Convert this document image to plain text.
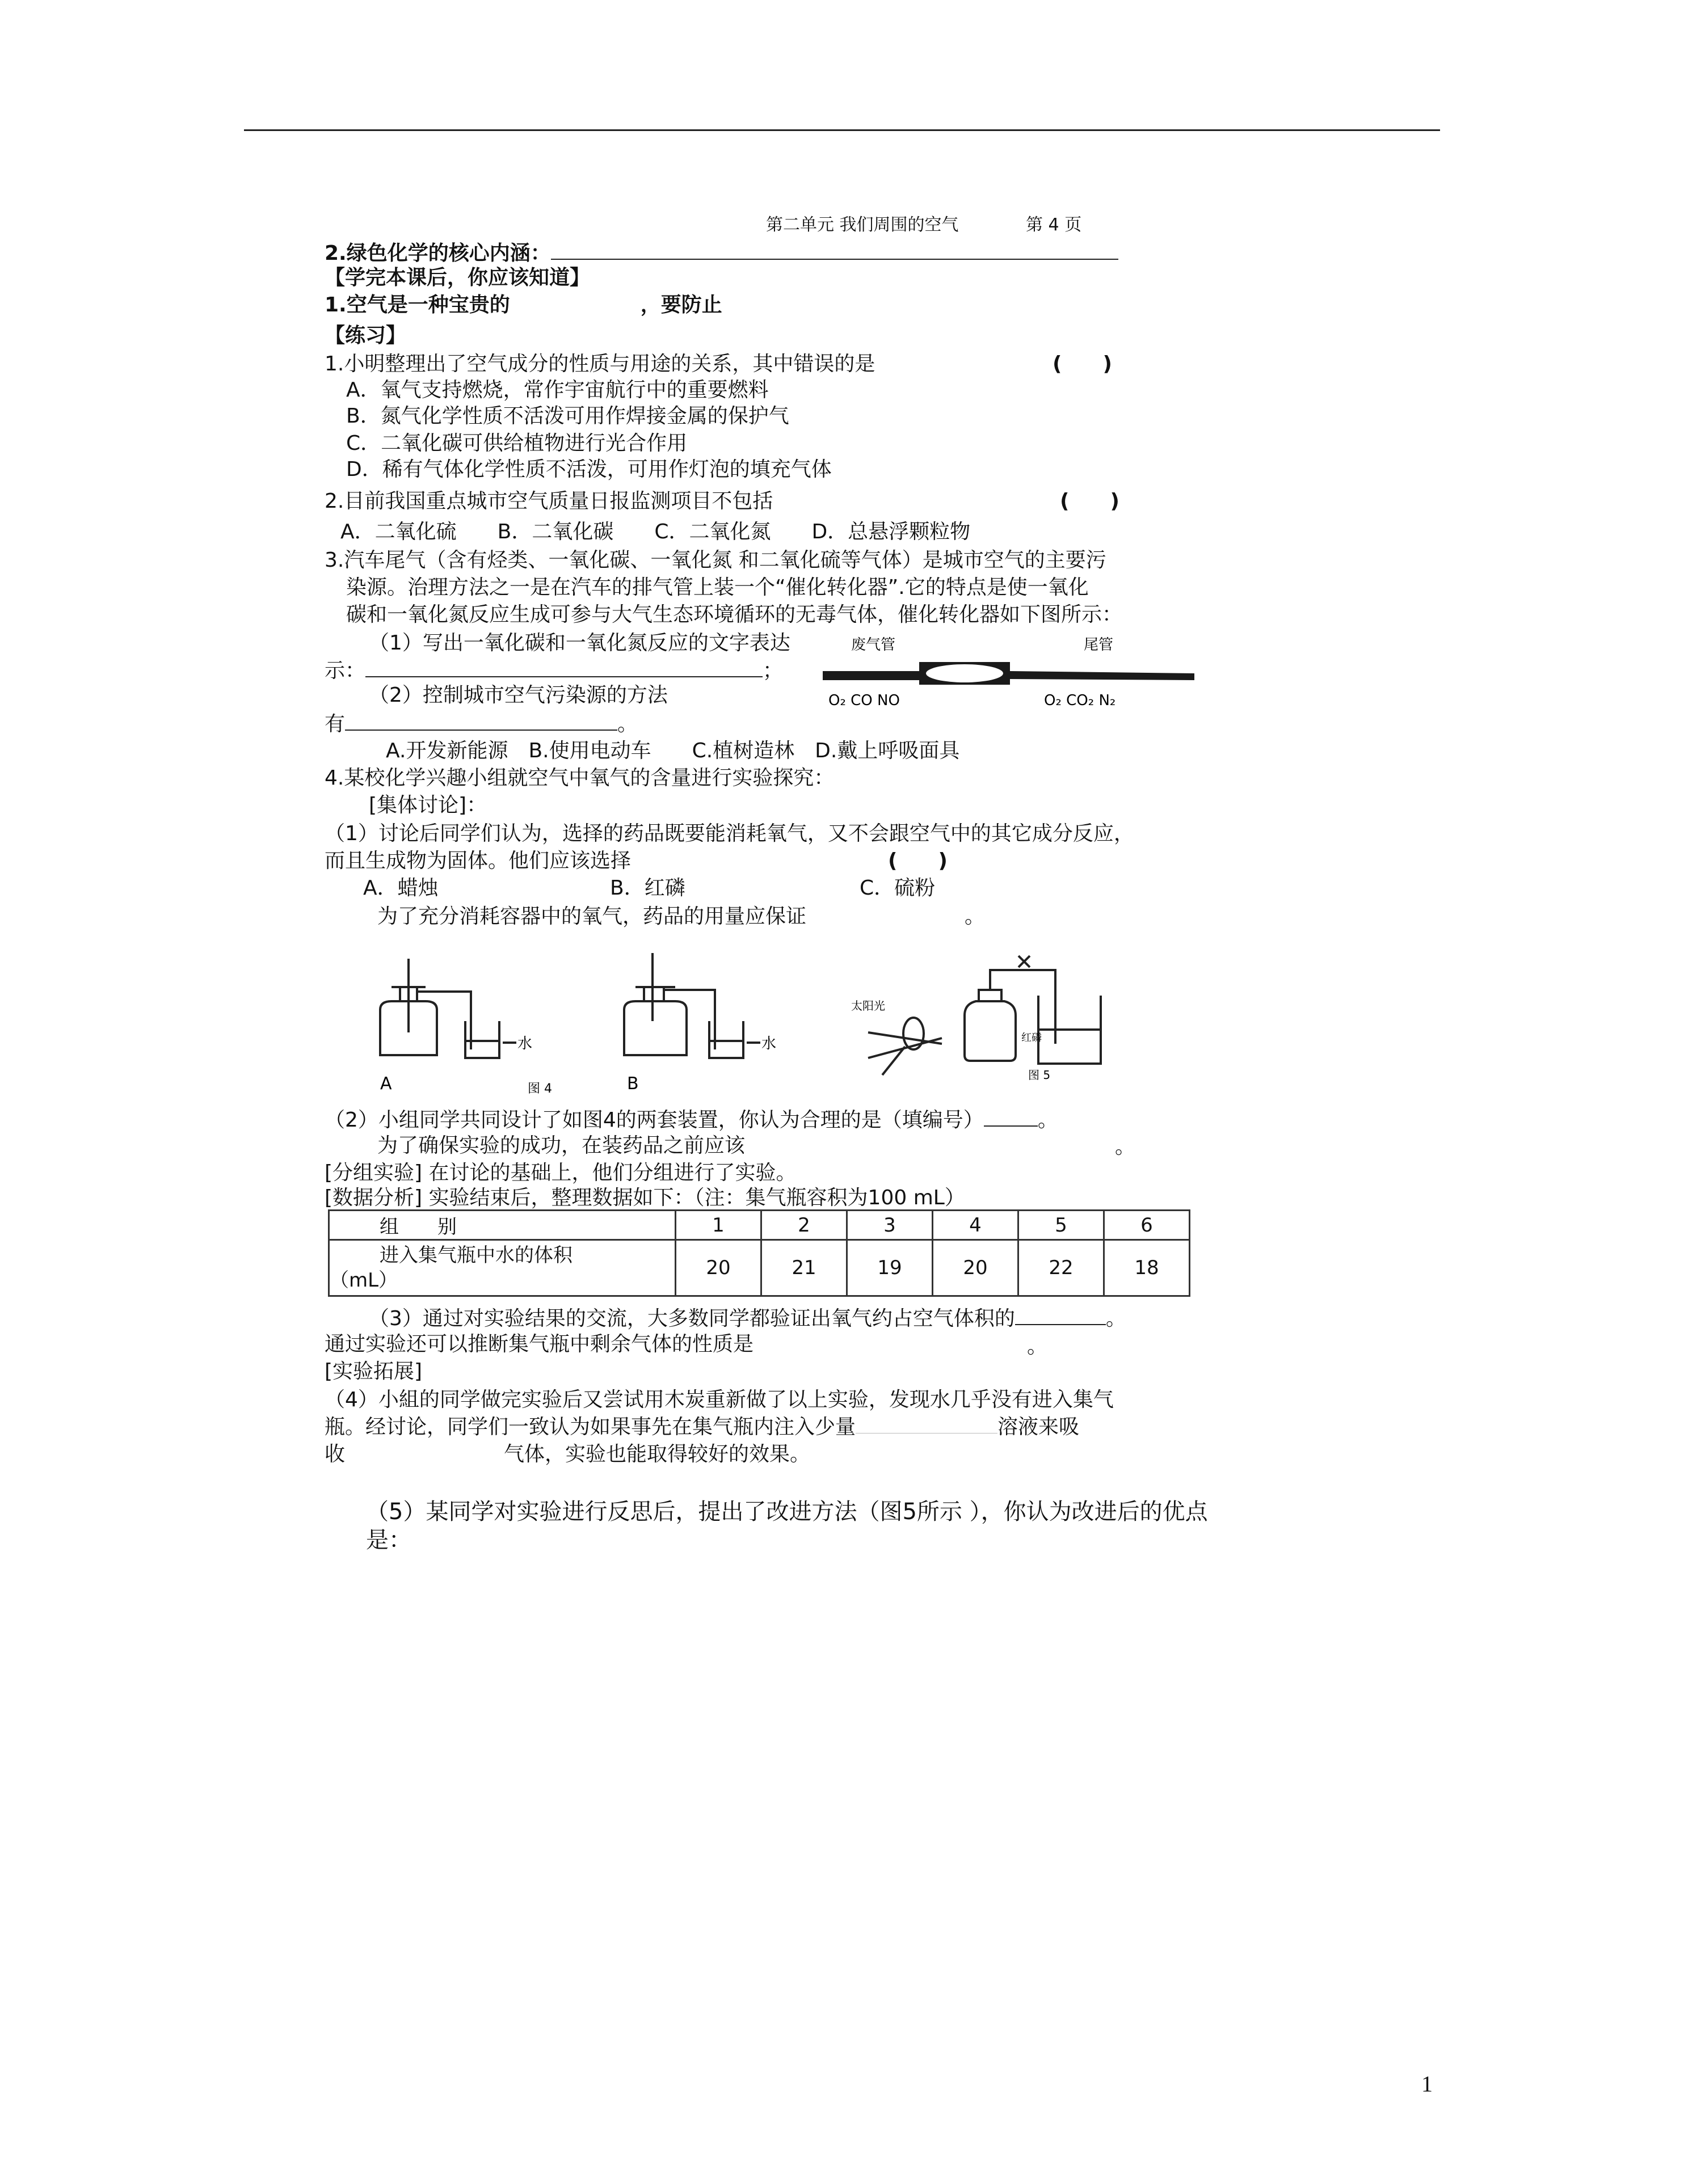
第二单元 我们周围的空气	第 4 页
2.绿色化学的核心内涵：
【学完本课后，你应该知道】
1.空气是一种宝贵的	，要防止
【练习】
1.小明整理出了空气成分的性质与用途的关系，其中错误的是	(　　)
A．氧气支持燃烧，常作宇宙航行中的重要燃料
B．氮气化学性质不活泼可用作焊接金属的保护气
C．二氧化碳可供给植物进行光合作用
D．稀有气体化学性质不活泼，可用作灯泡的填充气体
2.目前我国重点城市空气质量日报监测项目不包括	(　　)
A．二氧化硫　　B．二氧化碳　　C．二氧化氮　　D．总悬浮颗粒物
3.汽车尾气（含有烃类、一氧化碳、一氧化氮 和二氧化硫等气体）是城市空气的主要污
染源。治理方法之一是在汽车的排气管上装一个“催化转化器”.它的特点是使一氧化
碳和一氧化氮反应生成可参与大气生态环境循环的无毒气体，催化转化器如下图所示：
（1）写出一氧化碳和一氧化氮反应的文字表达
示：	；
（2）控制城市空气污染源的方法
有	。
A.开发新能源　B.使用电动车　　C.植树造林　D.戴上呼吸面具
废气管	尾管
O₂ CO NO	O₂ CO₂ N₂
4.某校化学兴趣小组就空气中氧气的含量进行实验探究：
[集体讨论]：
（1）讨论后同学们认为，选择的药品既要能消耗氧气，又不会跟空气中的其它成分反应，
而且生成物为固体。他们应该选择	(　　)
A．蜡烛	B．红磷	C．硫粉
为了充分消耗容器中的氧气，药品的用量应保证	。
A
水
图 4	B
水
太阳光
红磷
图 5
（2）小组同学共同设计了如图4的两套装置，你认为合理的是（填编号）	。
为了确保实验的成功，在装药品之前应该	。
[分组实验] 在讨论的基础上，他们分组进行了实验。
[数据分析] 实验结束后，整理数据如下：（注：集气瓶容积为100 mL）
组　　别	1	2	3	4	5	6

进入集气瓶中水的体积
（mL）	20	21	19	20	22	18
（3）通过对实验结果的交流，大多数同学都验证出氧气约占空气体积的	。
通过实验还可以推断集气瓶中剩余气体的性质是	。
[实验拓展]
（4）小組的同学做完实验后又尝试用木炭重新做了以上实验，发现水几乎没有进入集气
瓶。经讨论，同学们一致认为如果事先在集气瓶内注入少量	溶液来吸
收	气体，实验也能取得较好的效果。
（5）某同学对实验进行反思后，提出了改进方法（图5所示 ），你认为改进后的优点
是：
1
